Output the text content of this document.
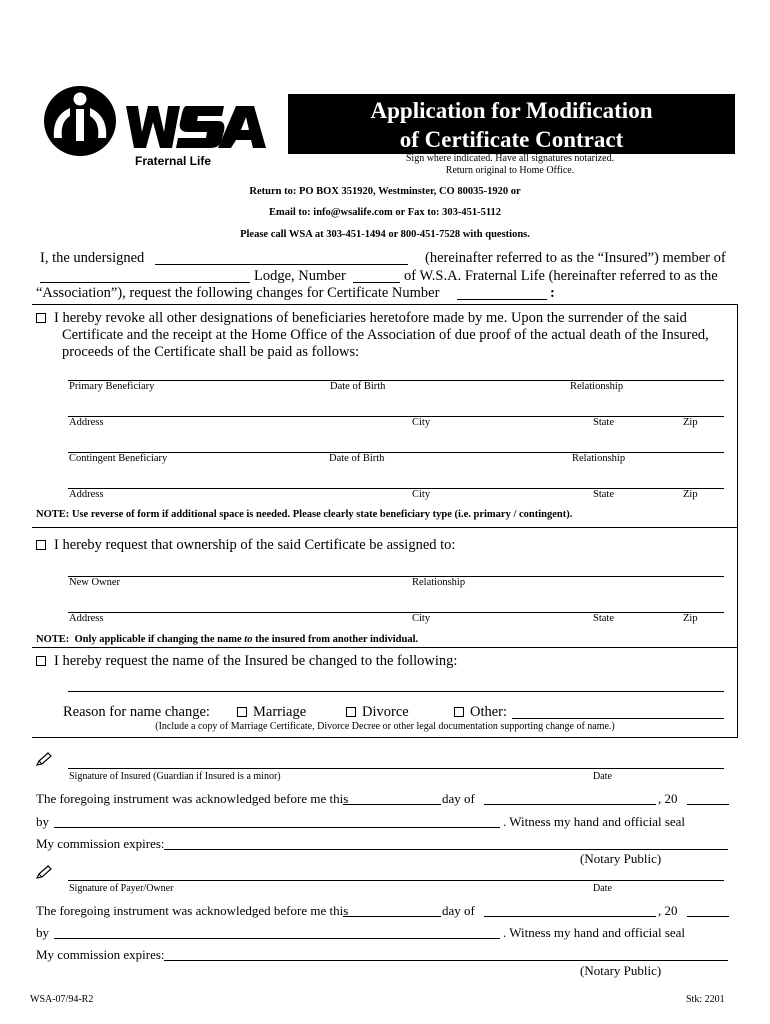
Fraternal Life
Application for Modification
of Certificate Contract
Sign where indicated. Have all signatures notarized.
Return original to Home Office.
Return to: PO BOX 351920, Westminster, CO 80035-1920 or
Email to: info@wsalife.com or Fax to: 303-451-5112
Please call WSA at 303-451-1494 or 800-451-7528 with questions.
I, the undersigned	(hereinafter referred to as the “Insured”) member of
Lodge, Number	of W.S.A. Fraternal Life (hereinafter referred to as the
“Association”), request the following changes for Certificate Number	:
I hereby revoke all other designations of beneficiaries heretofore made by me. Upon the surrender of the said Certificate and the receipt at the Home Office of the Association of due proof of the actual death of the Insured, proceeds of the Certificate shall be paid as follows:
Primary Beneficiary	Date of Birth	Relationship
Address	City	State	Zip
Contingent Beneficiary	Date of Birth	Relationship
Address	City	State	Zip
NOTE: Use reverse of form if additional space is needed. Please clearly state beneficiary type (i.e. primary / contingent).
I hereby request that ownership of the said Certificate be assigned to:
New Owner	Relationship
Address	City	State	Zip
NOTE:  Only applicable if changing the name to the insured from another individual.
I hereby request the name of the Insured be changed to the following:
Reason for name change:	Marriage	Divorce	Other:
(Include a copy of Marriage Certificate, Divorce Decree or other legal documentation supporting change of name.)
Signature of Insured (Guardian if Insured is a minor)	Date
The foregoing instrument was acknowledged before me this	day of	, 20
by	. Witness my hand and official seal
My commission expires:
(Notary Public)
Signature of Payer/Owner	Date
The foregoing instrument was acknowledged before me this	day of	, 20
by	. Witness my hand and official seal
My commission expires:
(Notary Public)
WSA-07/94-R2	Stk: 2201
